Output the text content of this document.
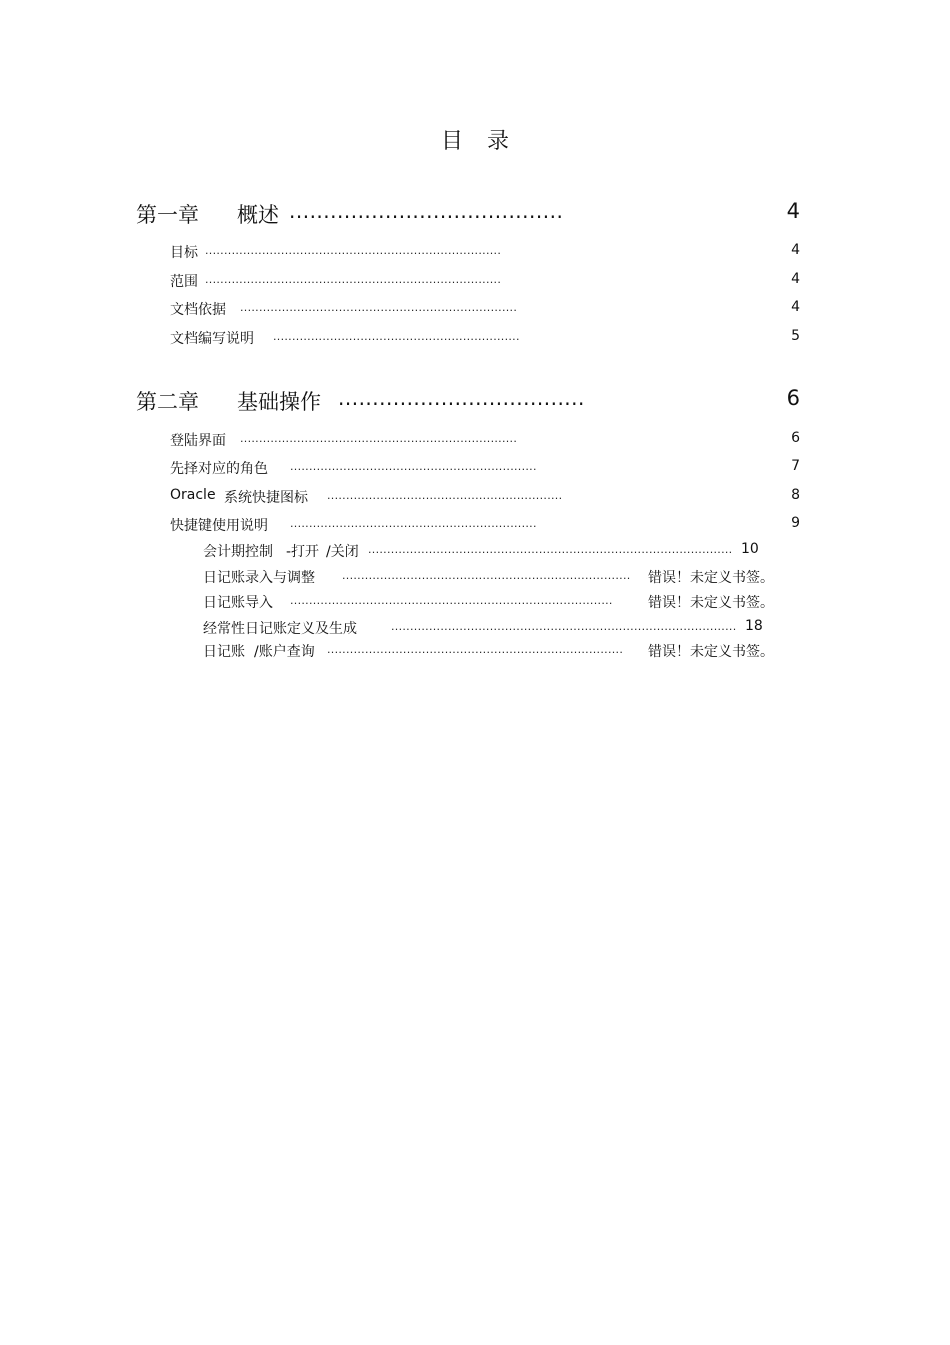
目 录
第一章 概述 ........................................	4
目标 ..............................................................................	4
范围 ..............................................................................	4
文档依据 .........................................................................	4
文档编写说明 .................................................................	5
第二章 基础操作 ....................................	6
登陆界面 .........................................................................	6
先择对应的角色 .................................................................	7
Oracle 系统快捷图标 ..............................................................	8
快捷键使用说明 .................................................................	9
会计期控制 -打开 /关闭 ................................................................................................ 10
日记账录入与调整 ............................................................................ 错误！未定义书签。
日记账导入 .....................................................................................	错误！未定义书签。
经常性日记账定义及生成	........................................................................................... 18
日记账 /账户查询 .............................................................................. 错误！未定义书签。
